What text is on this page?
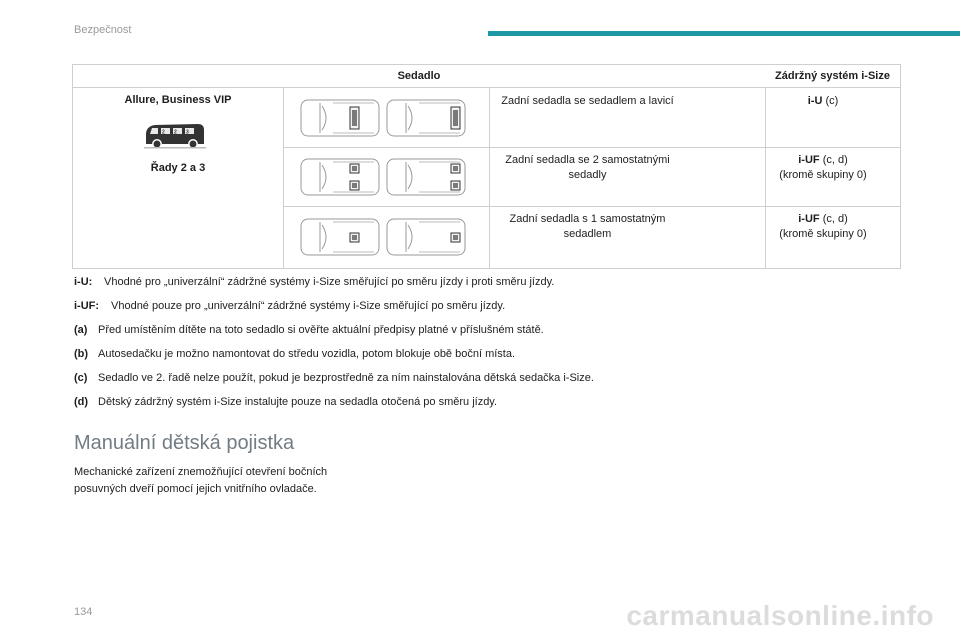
Bezpečnost
Sedadlo	Zádržný systém i-Size
Allure, Business VIP
2 2 3
Řady 2 a 3
Zadní sedadla se sedadlem a lavicí
Zadní sedadla se 2 samostatnými sedadly
Zadní sedadla s 1 samostatným sedadlem
i-U (c)

i-UF (c, d)
(kromě skupiny 0)
i-UF (c, d)
(kromě skupiny 0)
i-U: Vhodné pro „univerzální“ zádržné systémy i-Size směřující po směru jízdy i proti směru jízdy.
i-UF: Vhodné pouze pro „univerzální“ zádržné systémy i-Size směřující po směru jízdy.
(a) Před umístěním dítěte na toto sedadlo si ověřte aktuální předpisy platné v příslušném státě.
(b) Autosedačku je možno namontovat do středu vozidla, potom blokuje obě boční místa.
(c) Sedadlo ve 2. řadě nelze použít, pokud je bezprostředně za ním nainstalována dětská sedačka i-Size.
(d) Dětský zádržný systém i-Size instalujte pouze na sedadla otočená po směru jízdy.
Manuální dětská pojistka
Mechanické zařízení znemožňující otevření bočních posuvných dveří pomocí jejich vnitřního ovladače.
134	carmanualsonline.info
